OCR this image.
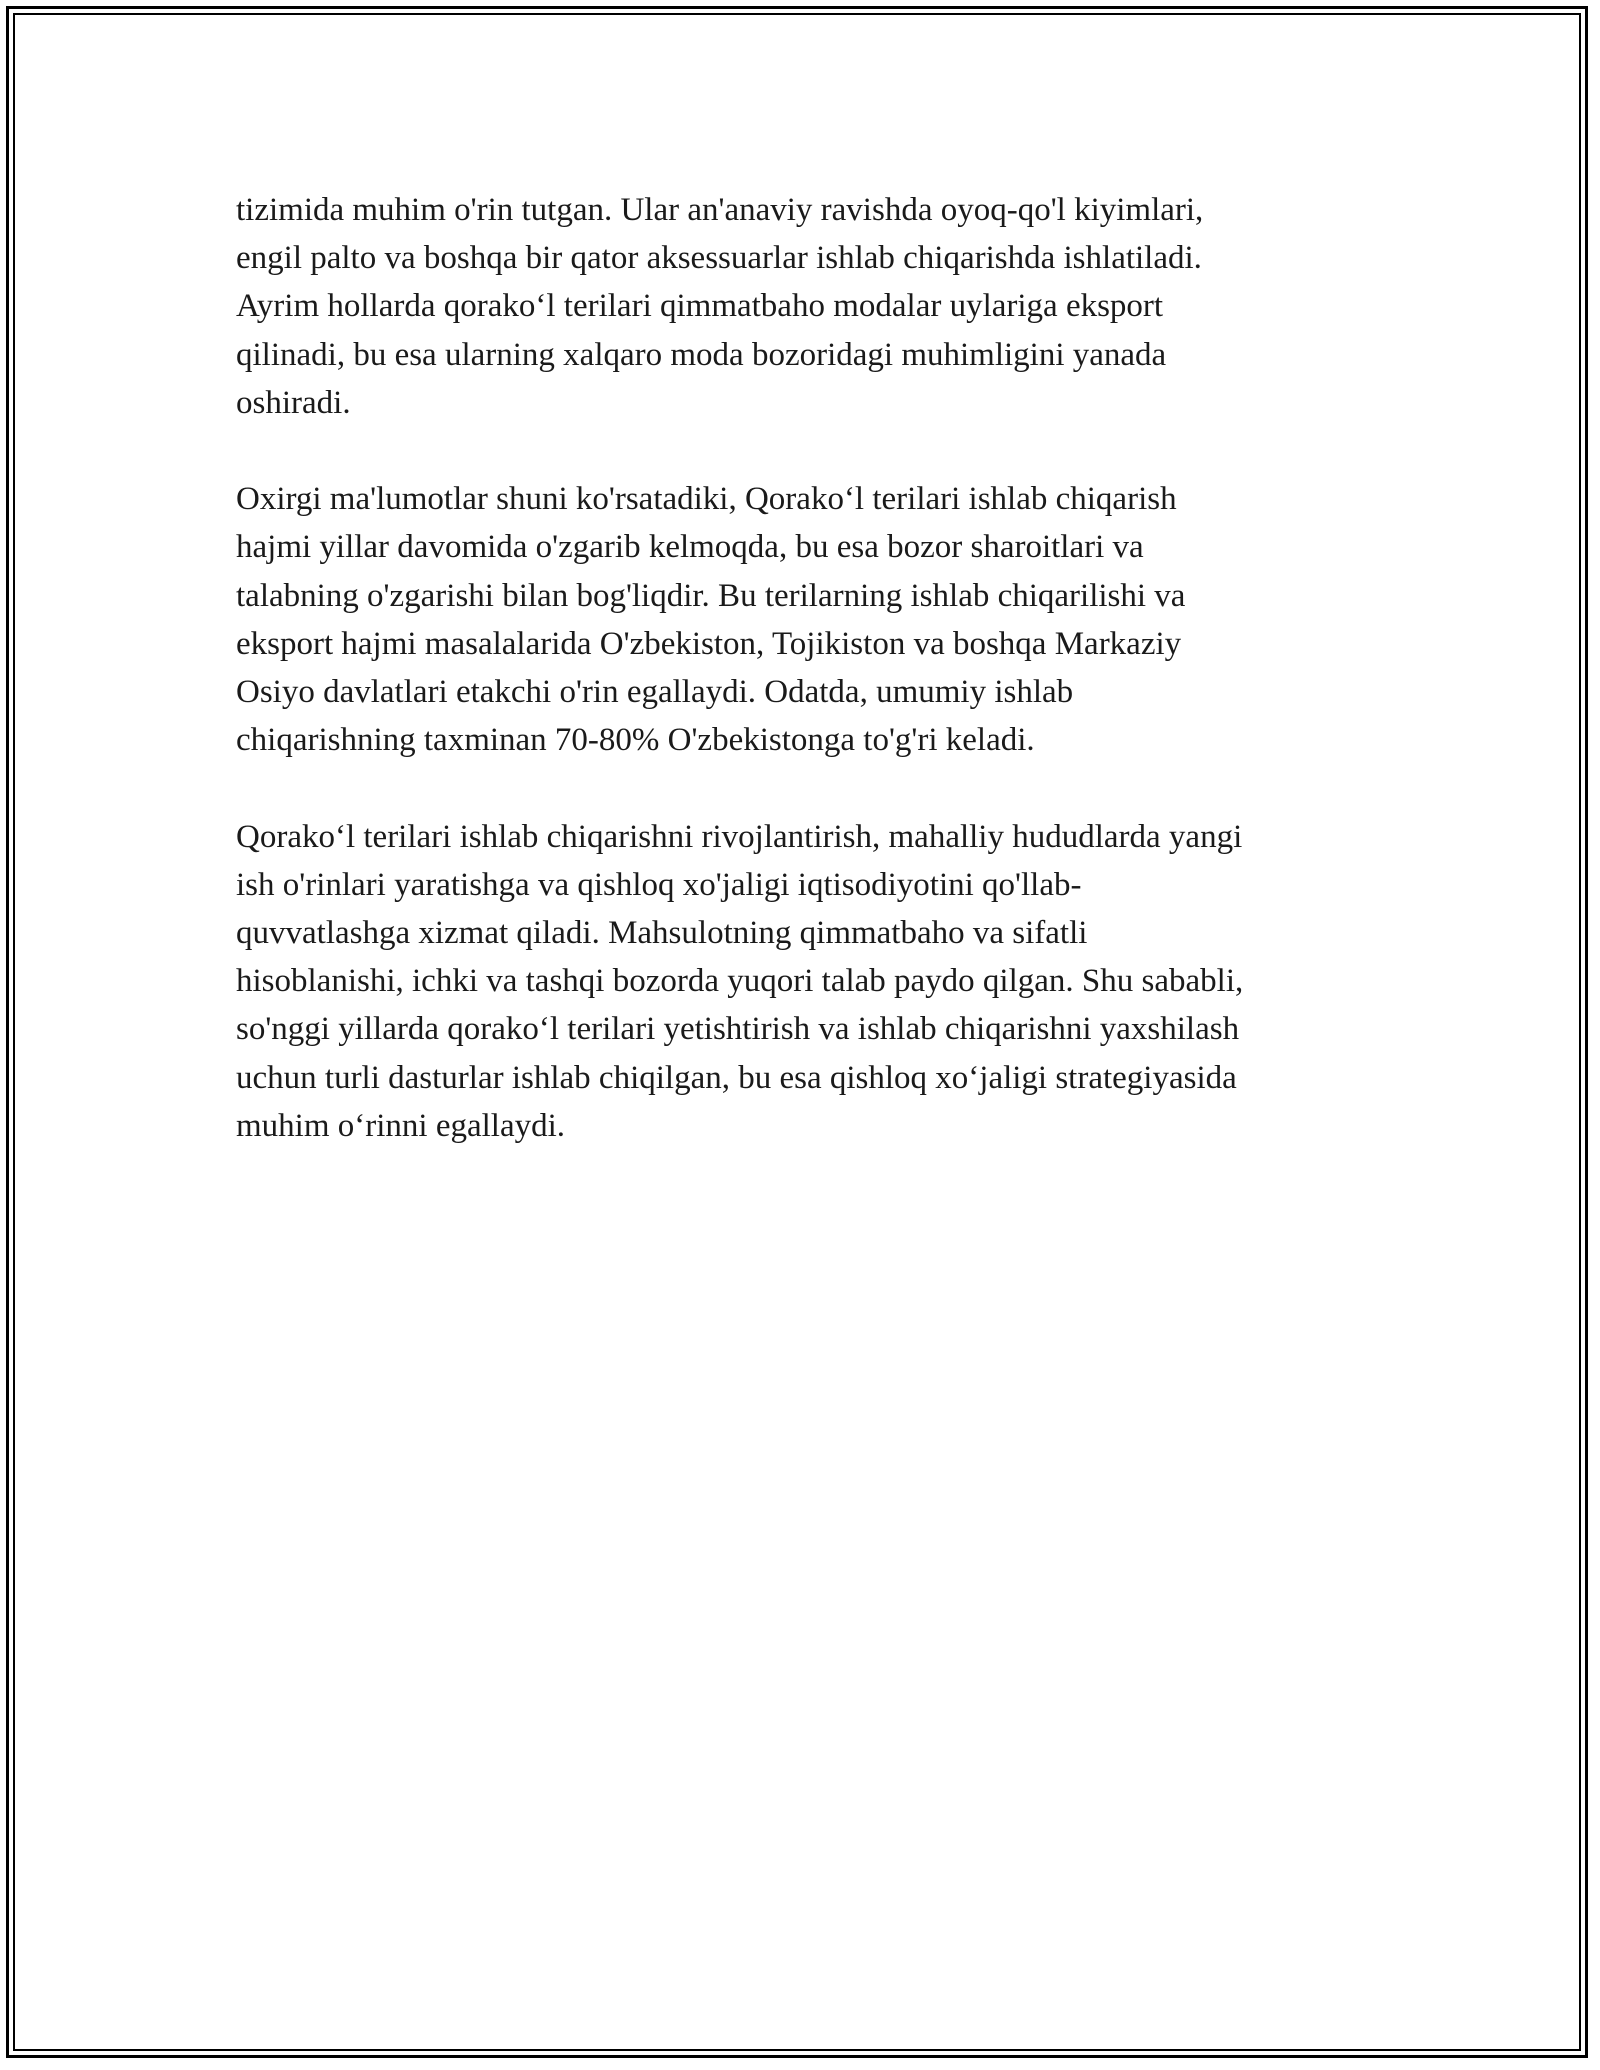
tizimida muhim o'rin tutgan. Ular an'anaviy ravishda oyoq-qo'l kiyimlari,
engil palto va boshqa bir qator aksessuarlar ishlab chiqarishda ishlatiladi.
Ayrim hollarda qorako‘l terilari qimmatbaho modalar uylariga eksport
qilinadi, bu esa ularning xalqaro moda bozoridagi muhimligini yanada
oshiradi.

Oxirgi ma'lumotlar shuni ko'rsatadiki, Qorako‘l terilari ishlab chiqarish
hajmi yillar davomida o'zgarib kelmoqda, bu esa bozor sharoitlari va
talabning o'zgarishi bilan bog'liqdir. Bu terilarning ishlab chiqarilishi va
eksport hajmi masalalarida O'zbekiston, Tojikiston va boshqa Markaziy
Osiyo davlatlari etakchi o'rin egallaydi. Odatda, umumiy ishlab
chiqarishning taxminan 70-80% O'zbekistonga to'g'ri keladi.

Qorako‘l terilari ishlab chiqarishni rivojlantirish, mahalliy hududlarda yangi
ish o'rinlari yaratishga va qishloq xo'jaligi iqtisodiyotini qo'llab-
quvvatlashga xizmat qiladi. Mahsulotning qimmatbaho va sifatli
hisoblanishi, ichki va tashqi bozorda yuqori talab paydo qilgan. Shu sababli,
so'nggi yillarda qorako‘l terilari yetishtirish va ishlab chiqarishni yaxshilash
uchun turli dasturlar ishlab chiqilgan, bu esa qishloq xo‘jaligi strategiyasida
muhim o‘rinni egallaydi.
